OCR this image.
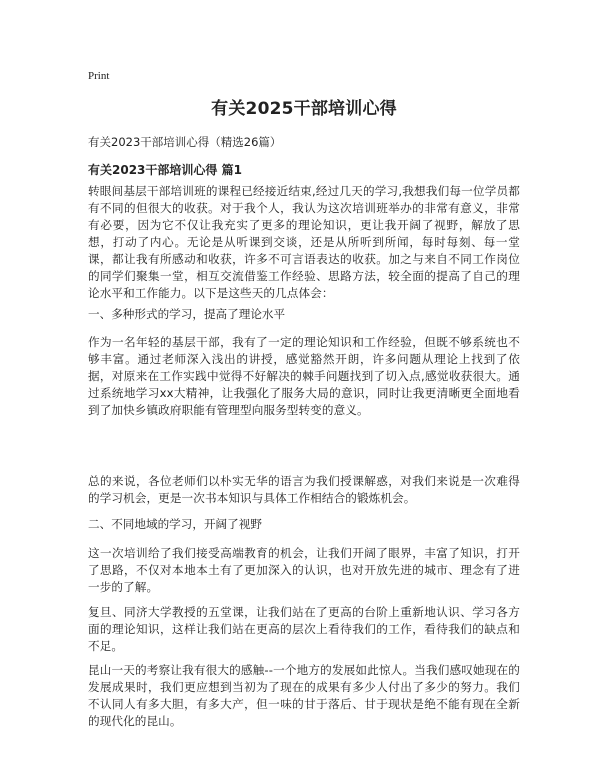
Print
有关2025干部培训心得

有关2023干部培训心得（精选26篇）

有关2023干部培训心得 篇1

转眼间基层干部培训班的课程已经接近结束,经过几天的学习,我想我们每一位学员都有不同的但很大的收获。对于我个人，我认为这次培训班举办的非常有意义，非常有必要，因为它不仅让我充实了更多的理论知识，更让我开阔了视野，解放了思想，打动了内心。无论是从听课到交谈，还是从所听到所闻，每时每刻、每一堂课，都让我有所感动和收获，许多不可言语表达的收获。加之与来自不同工作岗位的同学们聚集一堂，相互交流借鉴工作经验、思路方法，较全面的提高了自己的理论水平和工作能力。以下是这些天的几点体会：

一、多种形式的学习，提高了理论水平

作为一名年轻的基层干部，我有了一定的理论知识和工作经验，但既不够系统也不够丰富。通过老师深入浅出的讲授，感觉豁然开朗，许多问题从理论上找到了依据，对原来在工作实践中觉得不好解决的棘手问题找到了切入点,感觉收获很大。通过系统地学习xx大精神，让我强化了服务大局的意识，同时让我更清晰更全面地看到了加快乡镇政府职能有管理型向服务型转变的意义。

总的来说，各位老师们以朴实无华的语言为我们授课解惑，对我们来说是一次难得的学习机会，更是一次书本知识与具体工作相结合的锻炼机会。

二、不同地域的学习，开阔了视野

这一次培训给了我们接受高端教育的机会，让我们开阔了眼界，丰富了知识，打开了思路，不仅对本地本土有了更加深入的认识，也对开放先进的城市、理念有了进一步的了解。

复旦、同济大学教授的五堂课，让我们站在了更高的台阶上重新地认识、学习各方面的理论知识，这样让我们站在更高的层次上看待我们的工作，看待我们的缺点和不足。

昆山一天的考察让我有很大的感触--一个地方的发展如此惊人。当我们感叹她现在的发展成果时，我们更应想到当初为了现在的成果有多少人付出了多少的努力。我们不认同人有多大胆，有多大产，但一味的甘于落后、甘于现状是绝不能有现在全新的现代化的昆山。
